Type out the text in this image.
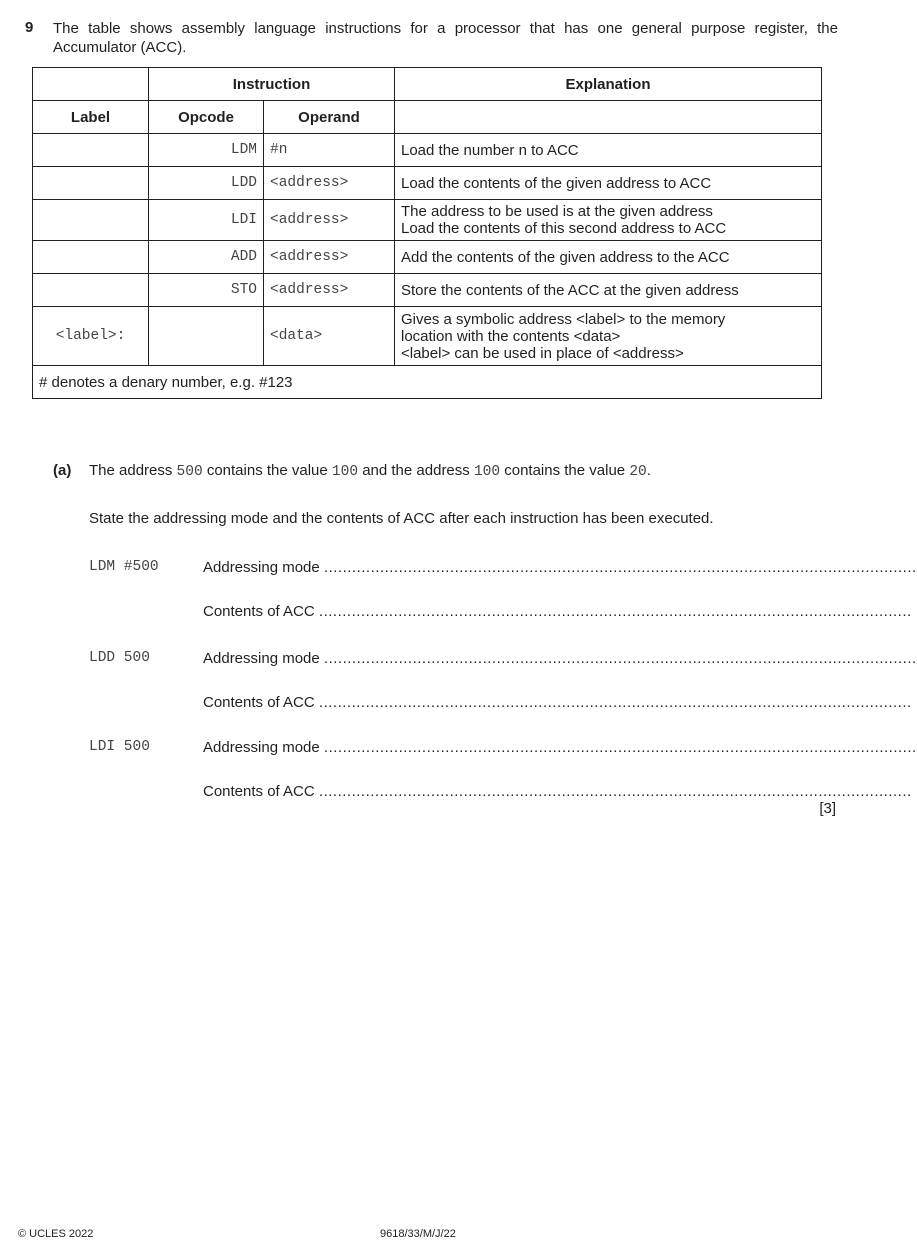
9 The table shows assembly language instructions for a processor that has one general purpose register, the Accumulator (ACC).
	Instruction		Explanation
Label	Opcode	Operand	
	LDM	#n	Load the number n to ACC
	LDD	<address>	Load the contents of the given address to ACC
	LDI	<address>	The address to be used is at the given address
Load the contents of this second address to ACC
	ADD	<address>	Add the contents of the given address to the ACC
	STO	<address>	Store the contents of the ACC at the given address
<label>:		<data>	Gives a symbolic address <label> to the memory
location with the contents <data>
<label> can be used in place of <address>
# denotes a denary number, e.g. #123			
(a) The address 500 contains the value 100 and the address 100 contains the value 20.
State the addressing mode and the contents of ACC after each instruction has been executed.
LDM #500	Addressing mode ...............................................................................................................................
Contents of ACC ...............................................................................................................................
LDD 500	Addressing mode ...............................................................................................................................
Contents of ACC ...............................................................................................................................
LDI 500	Addressing mode ...............................................................................................................................
Contents of ACC ...............................................................................................................................
[3]
© UCLES 2022	9618/33/M/J/22
